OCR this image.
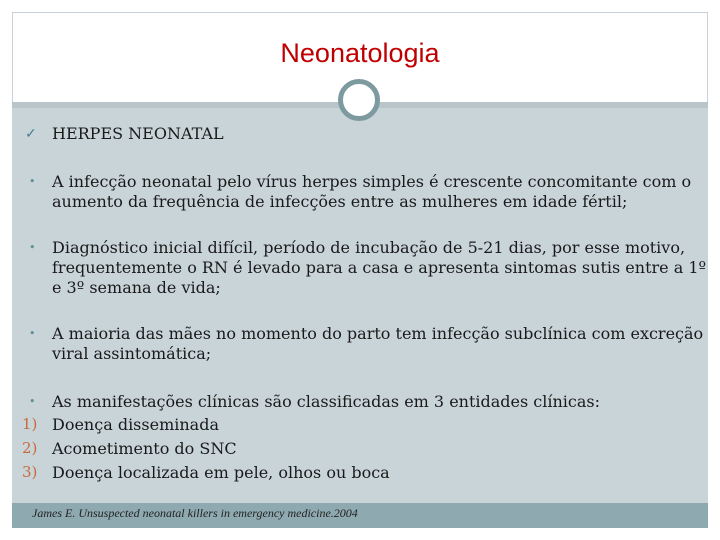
Neonatologia
✓ HERPES NEONATAL
• A infecção neonatal pelo vírus herpes simples é crescente concomitante com o
aumento da frequência de infecções entre as mulheres em idade fértil;
• Diagnóstico inicial difícil, período de incubação de 5-21 dias, por esse motivo,
frequentemente o RN é levado para a casa e apresenta sintomas sutis entre a 1º
e 3º semana de vida;
• A maioria das mães no momento do parto tem infecção subclínica com excreção
viral assintomática;
• As manifestações clínicas são classificadas em 3 entidades clínicas:
1) Doença disseminada
2) Acometimento do SNC
3) Doença localizada em pele, olhos ou boca
James E. Unsuspected neonatal killers in emergency medicine.2004
